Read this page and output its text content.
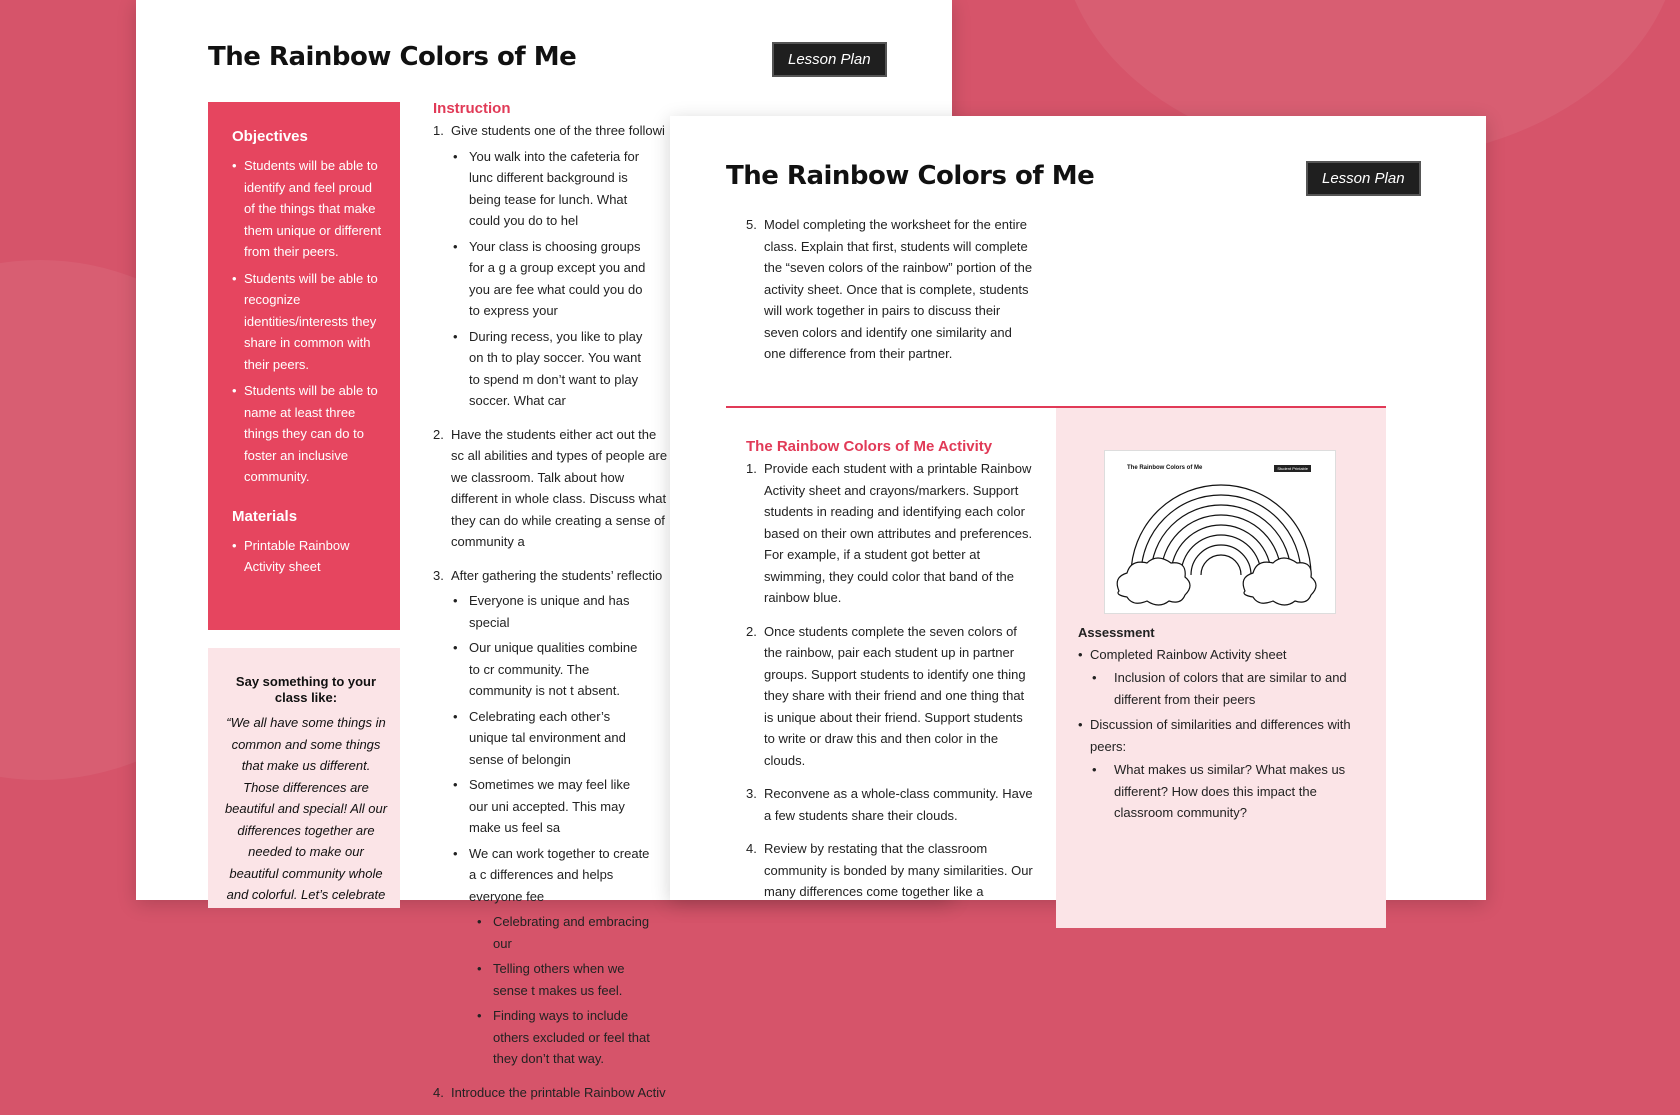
The Rainbow Colors of Me	Lesson Plan
Objectives
• Students will be able to identify and feel proud of the things that make them unique or different from their peers.
• Students will be able to recognize identities/interests they share in common with their peers.
• Students will be able to name at least three things they can do to foster an inclusive community.
Materials
• Printable Rainbow Activity sheet
Say something to your class like:
“We all have some things in common and some things that make us different. Those differences are beautiful and special! All our differences together are needed to make our beautiful community whole and colorful. Let’s celebrate
Instruction
1. Give students one of the three followi
• You walk into the cafeteria for lunc different background is being tease for lunch. What could you do to hel
• Your class is choosing groups for a g a group except you and you are fee what could you do to express your
• During recess, you like to play on th to play soccer. You want to spend m don’t want to play soccer. What car
2. Have the students either act out the sc all abilities and types of people are we classroom. Talk about how different in whole class. Discuss what they can do while creating a sense of community a
3. After gathering the students’ reflectio
• Everyone is unique and has special
• Our unique qualities combine to cr community. The community is not t absent.
• Celebrating each other’s unique tal environment and sense of belongin
• Sometimes we may feel like our uni accepted. This may make us feel sa
• We can work together to create a c differences and helps everyone fee
• Celebrating and embracing our
• Telling others when we sense t makes us feel.
• Finding ways to include others excluded or feel that they don’t that way.
4. Introduce the printable Rainbow Activ
The Rainbow Colors of Me	Lesson Plan
5. Model completing the worksheet for the entire class. Explain that first, students will complete the “seven colors of the rainbow” portion of the activity sheet. Once that is complete, students will work together in pairs to discuss their seven colors and identify one similarity and one difference from their partner.
The Rainbow Colors of Me Activity
1. Provide each student with a printable Rainbow Activity sheet and crayons/markers. Support students in reading and identifying each color based on their own attributes and preferences. For example, if a student got better at swimming, they could color that band of the rainbow blue.
2. Once students complete the seven colors of the rainbow, pair each student up in partner groups. Support students to identify one thing they share with their friend and one thing that is unique about their friend. Support students to write or draw this and then color in the clouds.
3. Reconvene as a whole-class community. Have a few students share their clouds.
4. Review by restating that the classroom community is bonded by many similarities. Our many differences come together like a
The Rainbow Colors of Me	Student Printable
Assessment
• Completed Rainbow Activity sheet
• Inclusion of colors that are similar to and different from their peers
• Discussion of similarities and differences with peers:
• What makes us similar? What makes us different? How does this impact the classroom community?
